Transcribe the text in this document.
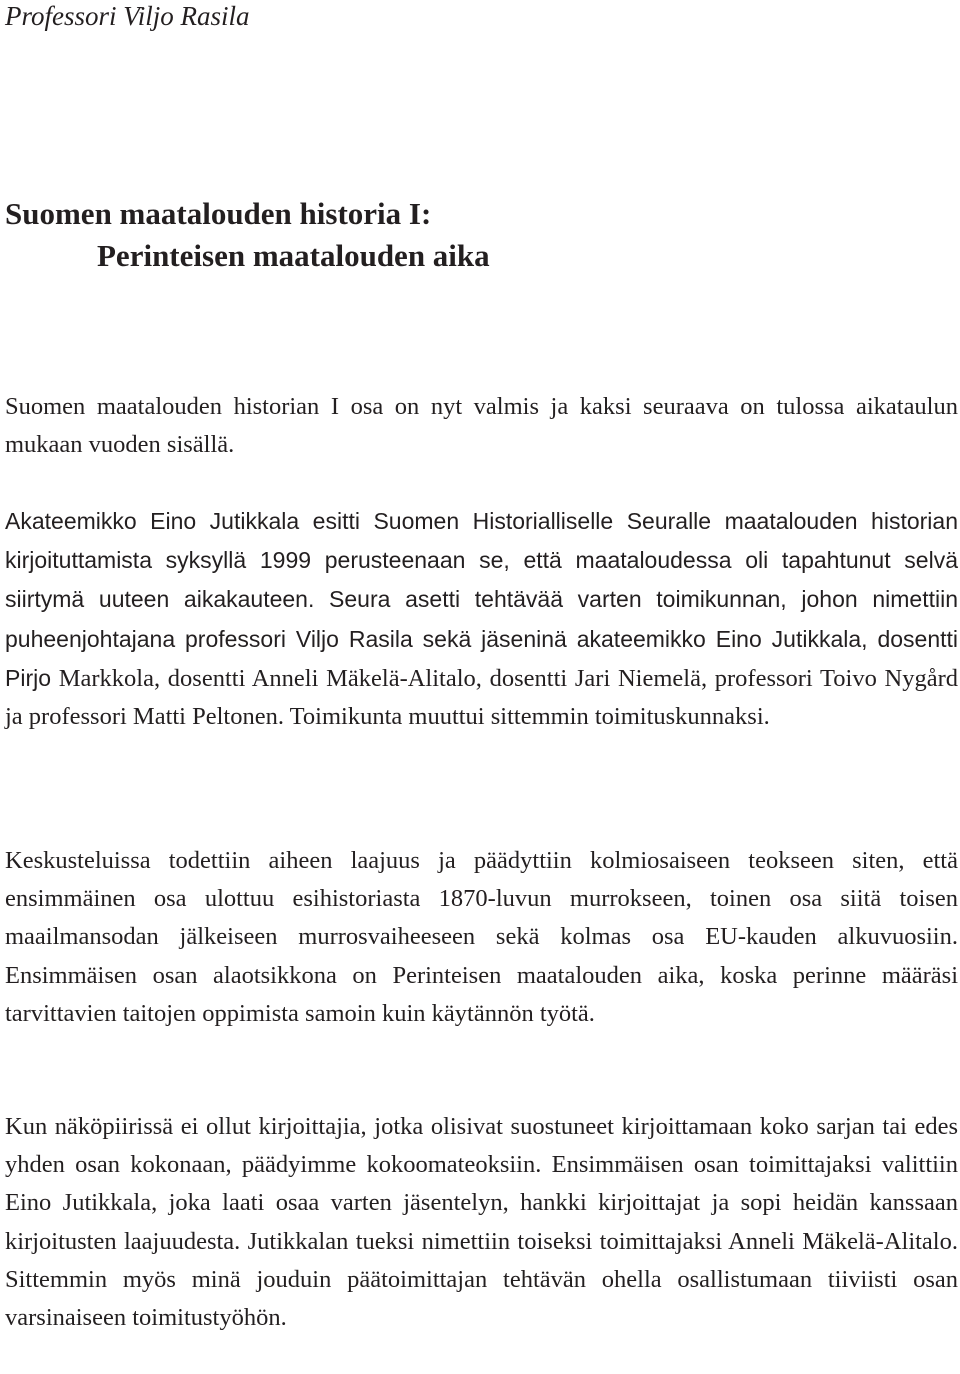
Professori Viljo Rasila
Suomen maatalouden historia I:
Perinteisen maatalouden aika

Suomen maatalouden historian I osa on nyt valmis ja kaksi seuraava on tulossa aikataulun mukaan vuoden sisällä.

Akateemikko Eino Jutikkala esitti Suomen Historialliselle Seuralle maatalouden historian kirjoituttamista syksyllä 1999 perusteenaan se, että maataloudessa oli tapahtunut selvä siirtymä uuteen aikakauteen. Seura asetti tehtävää varten toimikunnan, johon nimettiin puheenjohtajana professori Viljo Rasila sekä jäseninä akateemikko Eino Jutikkala, dosentti Pirjo Markkola, dosentti Anneli Mäkelä-Alitalo, dosentti Jari Niemelä, professori Toivo Nygård ja professori Matti Peltonen. Toimikunta muuttui sittemmin toimituskunnaksi.

Keskusteluissa todettiin aiheen laajuus ja päädyttiin kolmiosaiseen teokseen siten, että ensimmäinen osa ulottuu esihistoriasta 1870-luvun murrokseen, toinen osa siitä toisen maailmansodan jälkeiseen murrosvaiheeseen sekä kolmas osa EU-kauden alkuvuosiin. Ensimmäisen osan alaotsikkona on Perinteisen maatalouden aika, koska perinne määräsi tarvittavien taitojen oppimista samoin kuin käytännön työtä.

Kun näköpiirissä ei ollut kirjoittajia, jotka olisivat suostuneet kirjoittamaan koko sarjan tai edes yhden osan kokonaan, päädyimme kokoomateoksiin. Ensimmäisen osan toimittajaksi valittiin Eino Jutikkala, joka laati osaa varten jäsentelyn, hankki kirjoittajat ja sopi heidän kanssaan kirjoitusten laajuudesta. Jutikkalan tueksi nimettiin toiseksi toimittajaksi Anneli Mäkelä-Alitalo. Sittemmin myös minä jouduin päätoimittajan tehtävän ohella osallistumaan tiiviisti osan varsinaiseen toimitustyöhön.
